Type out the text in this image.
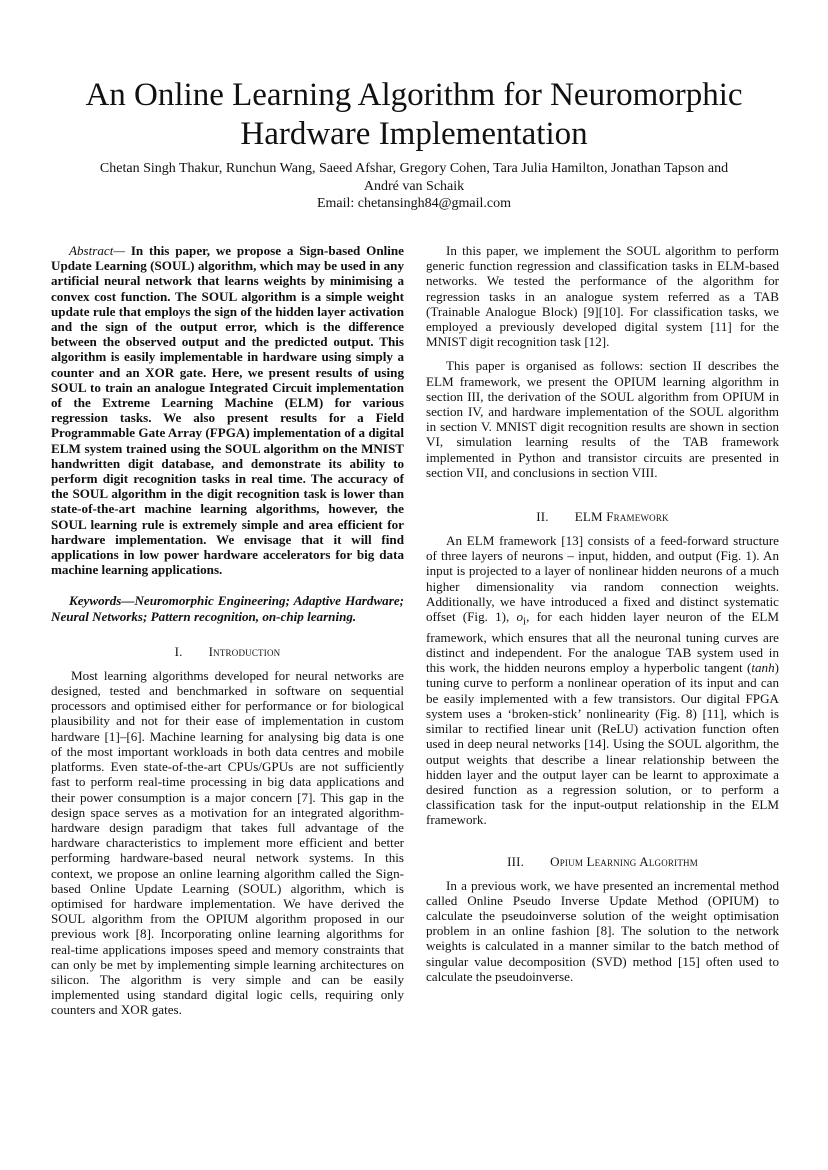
An Online Learning Algorithm for Neuromorphic
Hardware Implementation
Chetan Singh Thakur, Runchun Wang, Saeed Afshar, Gregory Cohen, Tara Julia Hamilton, Jonathan Tapson and
André van Schaik
Email: chetansingh84@gmail.com

Abstract— In this paper, we propose a Sign-based Online Update Learning (SOUL) algorithm, which may be used in any artificial neural network that learns weights by minimising a convex cost function. The SOUL algorithm is a simple weight update rule that employs the sign of the hidden layer activation and the sign of the output error, which is the difference between the observed output and the predicted output. This algorithm is easily implementable in hardware using simply a counter and an XOR gate. Here, we present results of using SOUL to train an analogue Integrated Circuit implementation of the Extreme Learning Machine (ELM) for various regression tasks. We also present results for a Field Programmable Gate Array (FPGA) implementation of a digital ELM system trained using the SOUL algorithm on the MNIST handwritten digit database, and demonstrate its ability to perform digit recognition tasks in real time. The accuracy of the SOUL algorithm in the digit recognition task is lower than state-of-the-art machine learning algorithms, however, the SOUL learning rule is extremely simple and area efficient for hardware implementation. We envisage that it will find applications in low power hardware accelerators for big data machine learning applications.

Keywords—Neuromorphic Engineering; Adaptive Hardware; Neural Networks; Pattern recognition, on-chip learning.

I. Introduction

Most learning algorithms developed for neural networks are designed, tested and benchmarked in software on sequential processors and optimised either for performance or for biological plausibility and not for their ease of implementation in custom hardware [1]–[6]. Machine learning for analysing big data is one of the most important workloads in both data centres and mobile platforms. Even state-of-the-art CPUs/GPUs are not sufficiently fast to perform real-time processing in big data applications and their power consumption is a major concern [7]. This gap in the design space serves as a motivation for an integrated algorithm-hardware design paradigm that takes full advantage of the hardware characteristics to implement more efficient and better performing hardware-based neural network systems. In this context, we propose an online learning algorithm called the Sign-based Online Update Learning (SOUL) algorithm, which is optimised for hardware implementation. We have derived the SOUL algorithm from the OPIUM algorithm proposed in our previous work [8]. Incorporating online learning algorithms for real-time applications imposes speed and memory constraints that can only be met by implementing simple learning architectures on silicon. The algorithm is very simple and can be easily implemented using standard digital logic cells, requiring only counters and XOR gates.

In this paper, we implement the SOUL algorithm to perform generic function regression and classification tasks in ELM-based networks. We tested the performance of the algorithm for regression tasks in an analogue system referred as a TAB (Trainable Analogue Block) [9][10]. For classification tasks, we employed a previously developed digital system [11] for the MNIST digit recognition task [12].

This paper is organised as follows: section II describes the ELM framework, we present the OPIUM learning algorithm in section III, the derivation of the SOUL algorithm from OPIUM in section IV, and hardware implementation of the SOUL algorithm in section V. MNIST digit recognition results are shown in section VI, simulation learning results of the TAB framework implemented in Python and transistor circuits are presented in section VII, and conclusions in section VIII.

II. ELM Framework

An ELM framework [13] consists of a feed-forward structure of three layers of neurons – input, hidden, and output (Fig. 1). An input is projected to a layer of nonlinear hidden neurons of a much higher dimensionality via random connection weights. Additionally, we have introduced a fixed and distinct systematic offset (Fig. 1), $o_i$, for each hidden layer neuron of the ELM framework, which ensures that all the neuronal tuning curves are distinct and independent. For the analogue TAB system used in this work, the hidden neurons employ a hyperbolic tangent (tanh) tuning curve to perform a nonlinear operation of its input and can be easily implemented with a few transistors. Our digital FPGA system uses a ‘broken-stick’ nonlinearity (Fig. 8) [11], which is similar to rectified linear unit (ReLU) activation function often used in deep neural networks [14]. Using the SOUL algorithm, the output weights that describe a linear relationship between the hidden layer and the output layer can be learnt to approximate a desired function as a regression solution, or to perform a classification task for the input-output relationship in the ELM framework.

III. Opium Learning Algorithm

In a previous work, we have presented an incremental method called Online Pseudo Inverse Update Method (OPIUM) to calculate the pseudoinverse solution of the weight optimisation problem in an online fashion [8]. The solution to the network weights is calculated in a manner similar to the batch method of singular value decomposition (SVD) method [15] often used to calculate the pseudoinverse.
